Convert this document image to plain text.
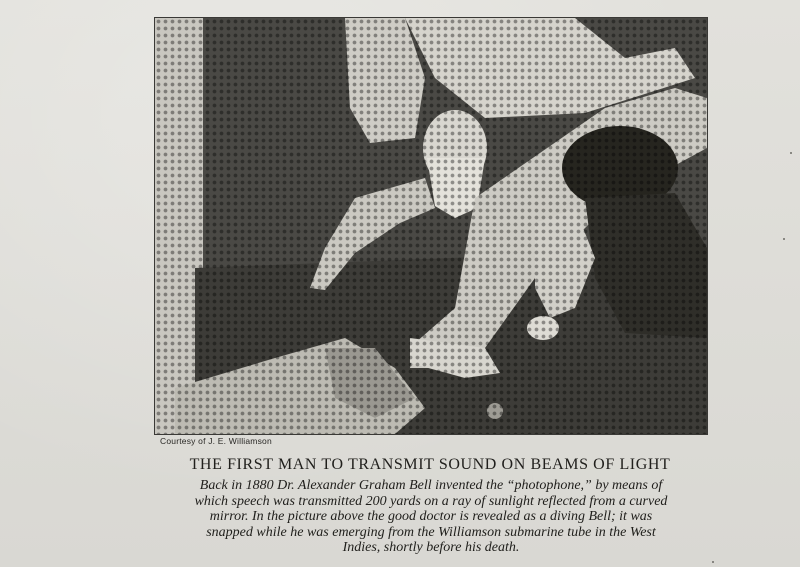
Courtesy of J. E. Williamson
THE FIRST MAN TO TRANSMIT SOUND ON BEAMS OF LIGHT
Back in 1880 Dr. Alexander Graham Bell invented the “photophone,” by means of
which speech was transmitted 200 yards on a ray of sunlight reflected from a curved
mirror. In the picture above the good doctor is revealed as a diving Bell; it was
snapped while he was emerging from the Williamson submarine tube in the West
Indies, shortly before his death.
